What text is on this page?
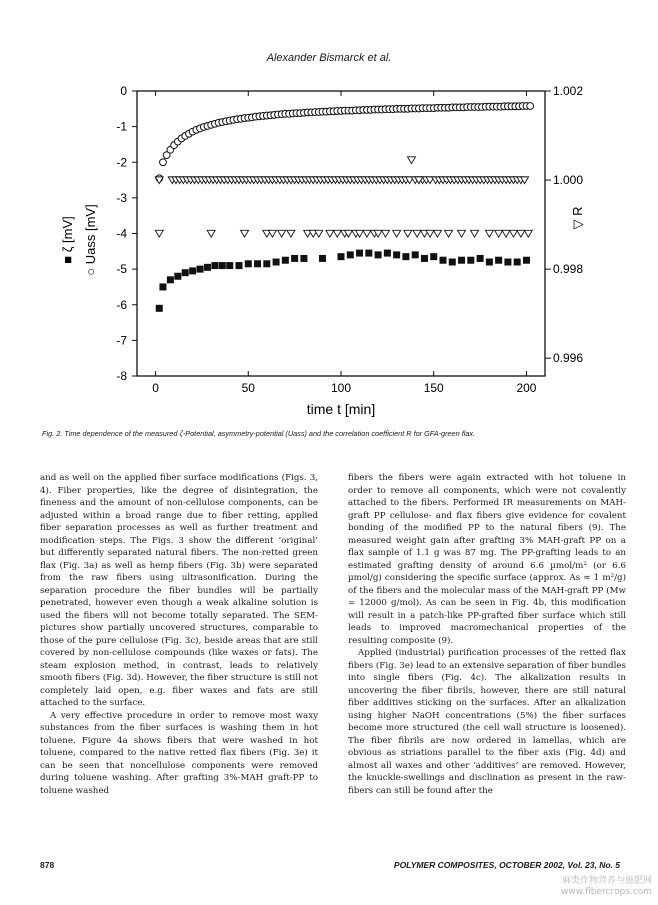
Alexander Bismarck et al.
0	50	100	150	200
0
-1
-2
-3
-4
-5
-6
-7
-8
1.002
1.000
0.998
0.996
time t [min]
■ ζ [mV] ○ Uass [mV]	▽ R
Fig. 2. Time dependence of the measured ζ-Potential, asymmetry-potential (Uass) and the correlation coefficient R for GFA-green flax.

and as well on the applied fiber surface modifications (Figs. 3, 4). Fiber properties, like the degree of disintegration, the fineness and the amount of non-cellulose components, can be adjusted within a broad range due to fiber retting, applied fiber separation processes as well as further treatment and modification steps. The Figs. 3 show the different ‘original’ but differently separated natural fibers. The non-retted green flax (Fig. 3a) as well as hemp fibers (Fig. 3b) were separated from the raw fibers using ultrasonification. During the separation procedure the fiber bundles will be partially penetrated, however even though a weak alkaline solution is used the fibers will not become totally separated. The SEM-pictures show partially uncovered structures, comparable to those of the pure cellulose (Fig. 3c), beside areas that are still covered by non-cellulose compounds (like waxes or fats). The steam explosion method, in contrast, leads to relatively smooth fibers (Fig. 3d). However, the fiber structure is still not completely laid open, e.g. fiber waxes and fats are still attached to the surface.

A very effective procedure in order to remove most waxy substances from the fiber surfaces is washing them in hot toluene. Figure 4a shows fibers that were washed in hot toluene, compared to the native retted flax fibers (Fig. 3e) it can be seen that noncellulose components were removed during toluene washing. After grafting 3%-MAH graft-PP to toluene washed

fibers the fibers were again extracted with hot toluene in order to remove all components, which were not covalently attached to the fibers. Performed IR measurements on MAH-graft PP cellulose- and flax fibers give evidence for covalent bonding of the modified PP to the natural fibers (9). The measured weight gain after grafting 3% MAH-graft PP on a flax sample of 1.1 g was 87 mg. The PP-grafting leads to an estimated grafting density of around 6.6 µmol/m² (or 6.6 µmol/g) considering the specific surface (approx. As ≈ 1 m²/g) of the fibers and the molecular mass of the MAH-graft PP (Mw = 12000 g/mol). As can be seen in Fig. 4b, this modification will result in a patch-like PP-grafted fiber surface which still leads to improved macromechanical properties of the resulting composite (9).

Applied (industrial) purification processes of the retted flax fibers (Fig. 3e) lead to an extensive separation of fiber bundles into single fibers (Fig. 4c). The alkalization results in uncovering the fiber fibrils, however, there are still natural fiber additives sticking on the surfaces. After an alkalization using higher NaOH concentrations (5%) the fiber surfaces become more structured (the cell wall structure is loosened). The fiber fibrils are now ordered in lamellas, which are obvious as striations parallel to the fiber axis (Fig. 4d) and almost all waxes and other ‘additives’ are removed. However, the knuckle-swellings and disclination as present in the raw-fibers can still be found after the

878	POLYMER COMPOSITES, OCTOBER 2002, Vol. 23, No. 5
麻类作物营养与施肥网
www.fibercrops.com
